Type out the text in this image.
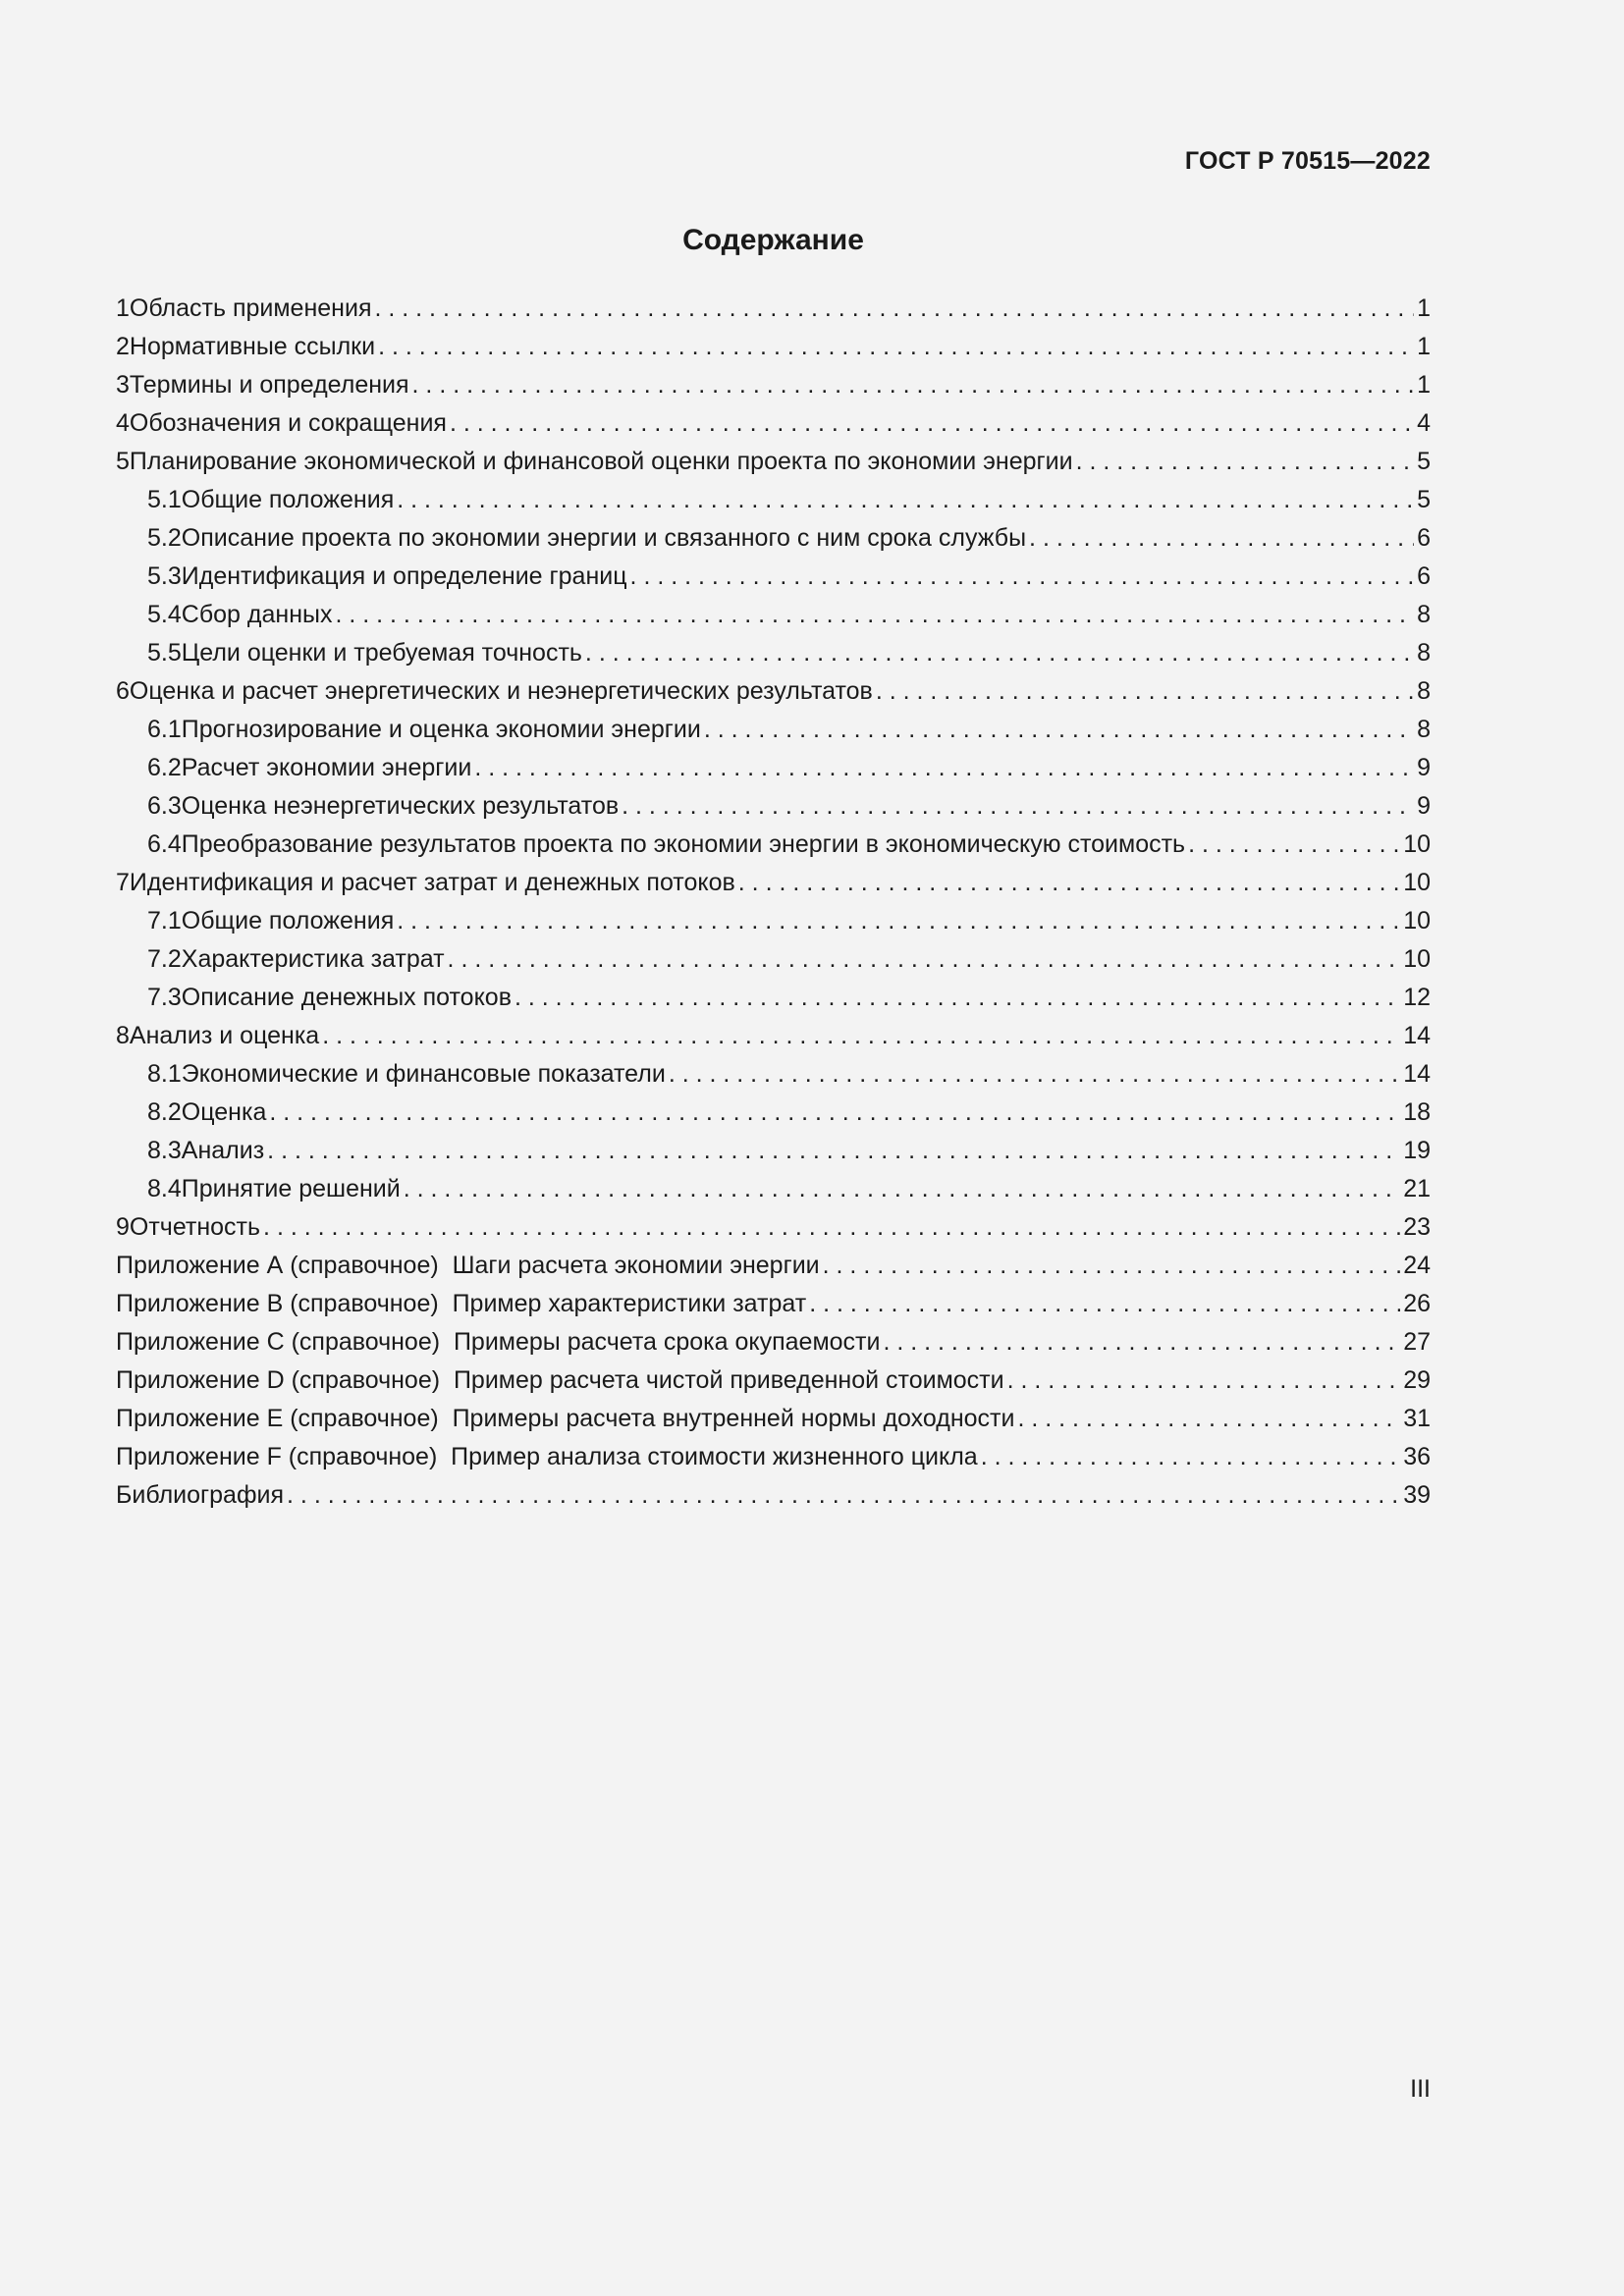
ГОСТ Р 70515—2022
Содержание
1 Область применения . . .	1
2 Нормативные ссылки . . .	1
3 Термины и определения . . .	1
4 Обозначения и сокращения . . .	4
5 Планирование экономической и финансовой оценки проекта по экономии энергии . . .	5
5.1 Общие положения . . .	5
5.2 Описание проекта по экономии энергии и связанного с ним срока службы . . .	6
5.3 Идентификация и определение границ . . .	6
5.4 Сбор данных . . .	8
5.5 Цели оценки и требуемая точность . . .	8
6 Оценка и расчет энергетических и неэнергетических результатов . . .	8
6.1 Прогнозирование и оценка экономии энергии . . .	8
6.2 Расчет экономии энергии . . .	9
6.3 Оценка неэнергетических результатов . . .	9
6.4 Преобразование результатов проекта по экономии энергии в экономическую стоимость . . .	10
7 Идентификация и расчет затрат и денежных потоков . . .	10
7.1 Общие положения . . .	10
7.2 Характеристика затрат . . .	10
7.3 Описание денежных потоков . . .	12
8 Анализ и оценка . . .	14
8.1 Экономические и финансовые показатели . . .	14
8.2 Оценка . . .	18
8.3 Анализ . . .	19
8.4 Принятие решений . . .	21
9 Отчетность . . .	23
Приложение А (справочное)  Шаги расчета экономии энергии . . .	24
Приложение В (справочное)  Пример характеристики затрат . . .	26
Приложение С (справочное)  Примеры расчета срока окупаемости . . .	27
Приложение D (справочное)  Пример расчета чистой приведенной стоимости . . .	29
Приложение Е (справочное)  Примеры расчета внутренней нормы доходности . . .	31
Приложение F (справочное)  Пример анализа стоимости жизненного цикла . . .	36
Библиография . . .	39
III
